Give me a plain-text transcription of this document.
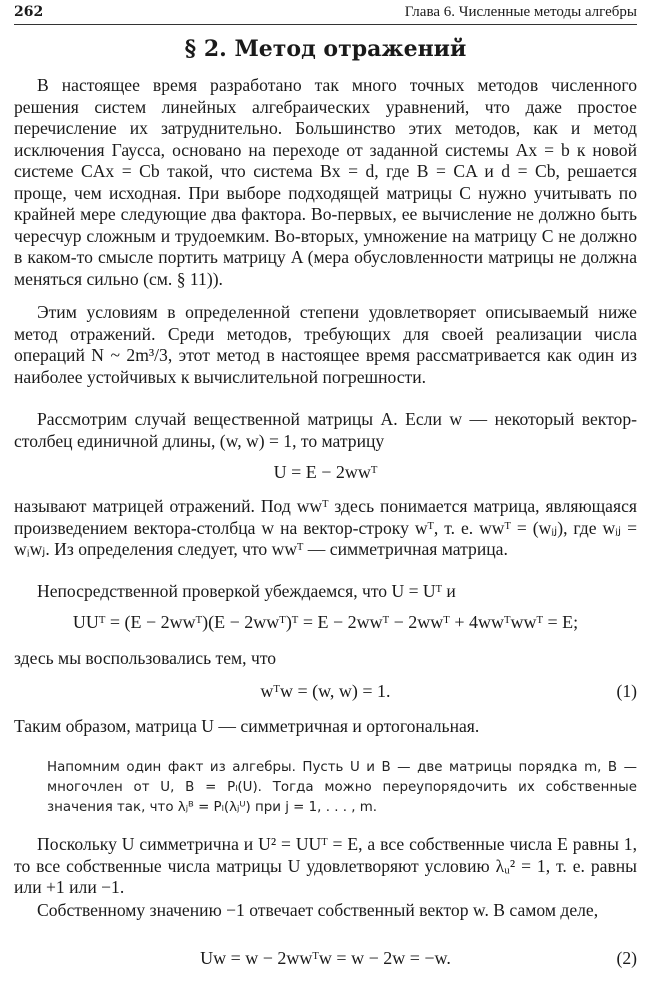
262	Глава 6. Численные методы алгебры
§ 2. Метод отражений
В настоящее время разработано так много точных методов численного решения систем линейных алгебраических уравнений, что даже простое перечисление их затруднительно. Большинство этих методов, как и метод исключения Гаусса, основано на переходе от заданной системы Ax = b к новой системе CAx = Cb такой, что система Bx = d, где B = CA и d = Cb, решается проще, чем исходная. При выборе подходящей матрицы C нужно учитывать по крайней мере следующие два фактора. Во-первых, ее вычисление не должно быть чересчур сложным и трудоемким. Во-вторых, умножение на матрицу C не должно в каком-то смысле портить матрицу A (мера обусловленности матрицы не должна меняться сильно (см. § 11)).
Этим условиям в определенной степени удовлетворяет описываемый ниже метод отражений. Среди методов, требующих для своей реализации числа операций N ~ 2m³/3, этот метод в настоящее время рассматривается как один из наиболее устойчивых к вычислительной погрешности.
Рассмотрим случай вещественной матрицы A. Если w — некоторый вектор-столбец единичной длины, (w, w) = 1, то матрицу
U = E − 2wwᵀ
называют матрицей отражений. Под wwᵀ здесь понимается матрица, являющаяся произведением вектора-столбца w на вектор-строку wᵀ, т. е. wwᵀ = (wᵢⱼ), где wᵢⱼ = wᵢwⱼ. Из определения следует, что wwᵀ — симметричная матрица.
Непосредственной проверкой убеждаемся, что U = Uᵀ и
UUᵀ = (E − 2wwᵀ)(E − 2wwᵀ)ᵀ = E − 2wwᵀ − 2wwᵀ + 4wwᵀwwᵀ = E;
здесь мы воспользовались тем, что
wᵀw = (w, w) = 1.	(1)
Таким образом, матрица U — симметричная и ортогональная.
Напомним один факт из алгебры. Пусть U и B — две матрицы порядка m, B — многочлен от U, B = Pₗ(U). Тогда можно переупорядочить их собственные значения так, что λⱼᴮ = Pₗ(λⱼᵁ) при j = 1, . . . , m.
Поскольку U симметрична и U² = UUᵀ = E, а все собственные числа E равны 1, то все собственные числа матрицы U удовлетворяют условию λᵤ² = 1, т. е. равны или +1 или −1.
Собственному значению −1 отвечает собственный вектор w. В самом деле,
Uw = w − 2wwᵀw = w − 2w = −w.	(2)
